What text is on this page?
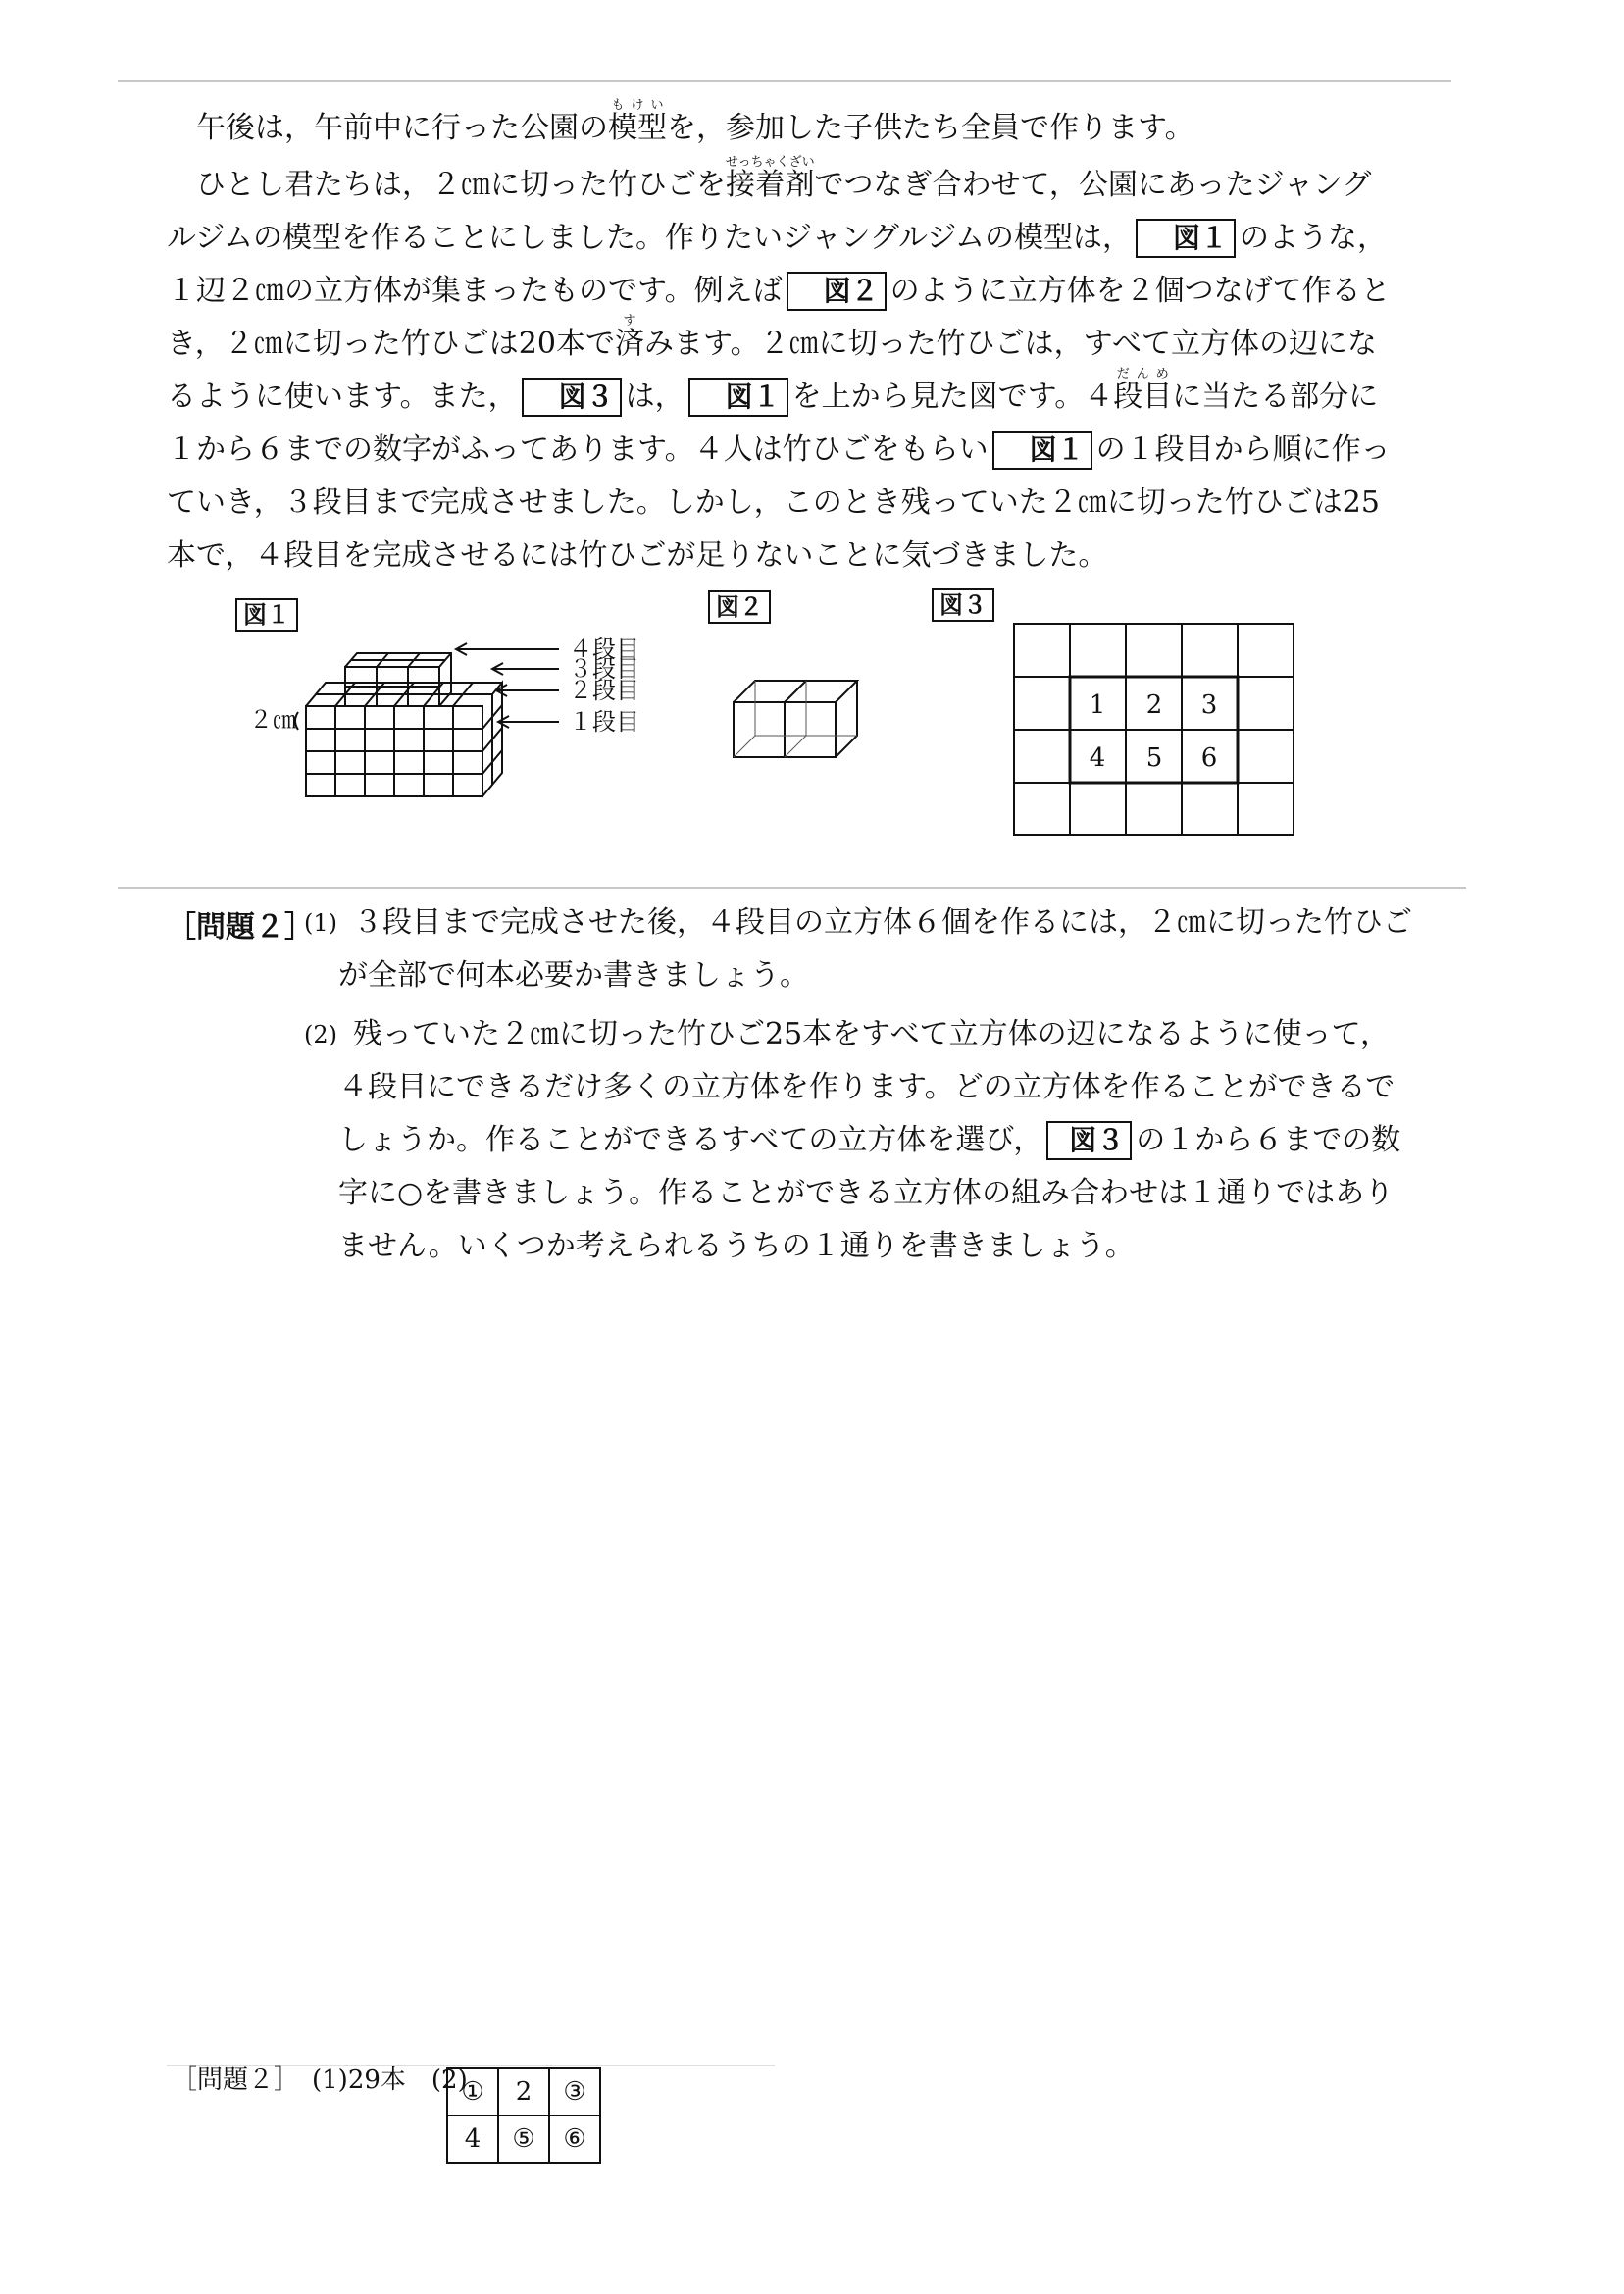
午後は，午前中に行った公園の模型もけいを，参加した子供たち全員で作ります。

ひとし君たちは，２㎝に切った竹ひごを接着剤せっちゃくざいでつなぎ合わせて，公園にあったジャングルジムの模型を作ることにしました。作りたいジャングルジムの模型は， 図１ のような，１辺２㎝の立方体が集まったものです。例えば 図２ のように立方体を２個つなげて作るとき，２㎝に切った竹ひごは20本で済すみます。２㎝に切った竹ひごは，すべて立方体の辺になるように使います。また， 図３ は， 図１ を上から見た図です。４段目だんめに当たる部分に１から６までの数字がふってあります。４人は竹ひごをもらい 図１ の１段目から順に作っていき，３段目まで完成させました。しかし，このとき残っていた２㎝に切った竹ひごは25本で，４段目を完成させるには竹ひごが足りないことに気づきました。

図１	図２	図３
４段目
３段目
２段目
１段目
２㎝	1 2 3
4 5 6
［問題２］
(1) ３段目まで完成させた後，４段目の立方体６個を作るには，２㎝に切った竹ひごが全部で何本必要か書きましょう。
(2) 残っていた２㎝に切った竹ひご25本をすべて立方体の辺になるように使って，４段目にできるだけ多くの立方体を作ります。どの立方体を作ることができるでしょうか。作ることができるすべての立方体を選び， 図３ の１から６までの数字に○を書きましょう。作ることができる立方体の組み合わせは１通りではありません。いくつか考えられるうちの１通りを書きましょう。
［問題２］　(1)29本　(2)
①	2	③
4	⑤	⑥
